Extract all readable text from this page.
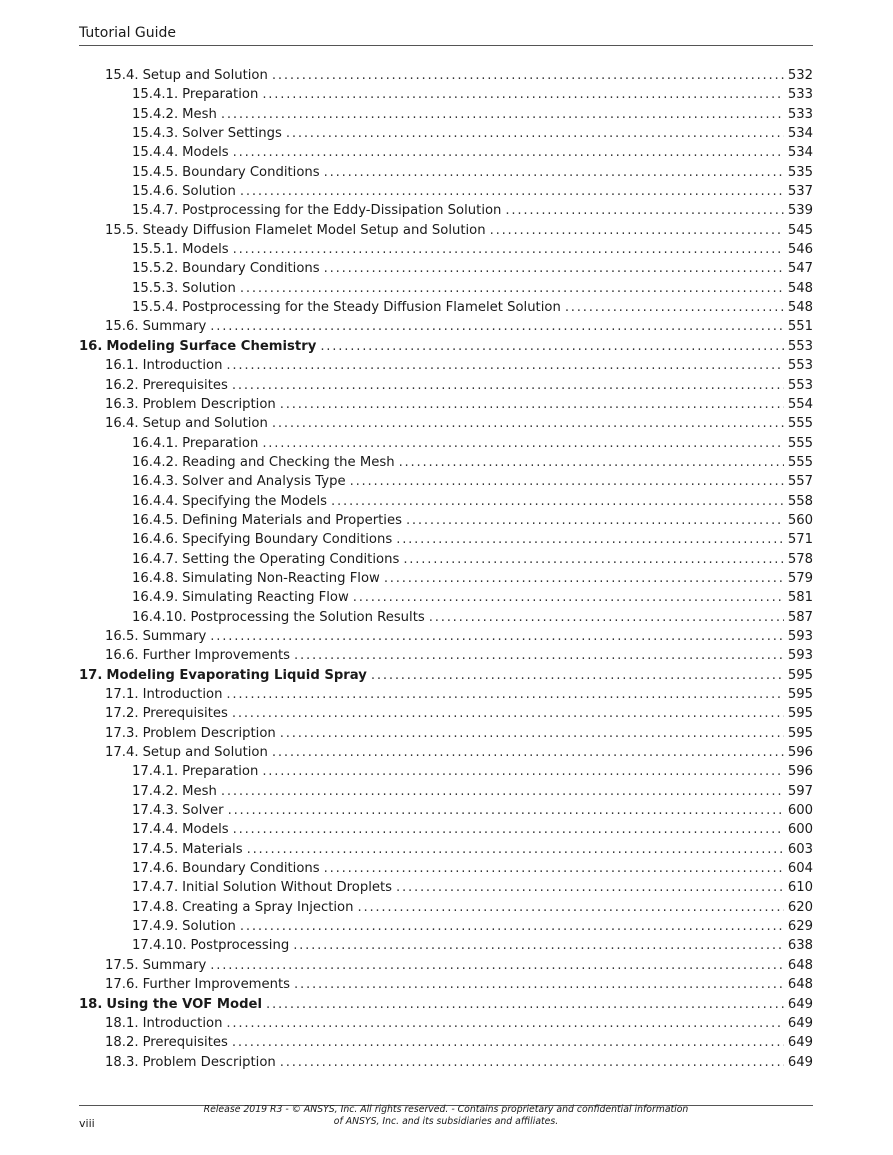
Tutorial Guide
15.4. Setup and Solution . . .	532
15.4.1. Preparation . . .	533
15.4.2. Mesh . . .	533
15.4.3. Solver Settings . . .	534
15.4.4. Models . . .	534
15.4.5. Boundary Conditions . . .	535
15.4.6. Solution . . .	537
15.4.7. Postprocessing for the Eddy-Dissipation Solution . . .	539
15.5. Steady Diffusion Flamelet Model Setup and Solution . . .	545
15.5.1. Models . . .	546
15.5.2. Boundary Conditions . . .	547
15.5.3. Solution . . .	548
15.5.4. Postprocessing for the Steady Diffusion Flamelet Solution . . .	548
15.6. Summary . . .	551
16. Modeling Surface Chemistry . . .	553
16.1. Introduction . . .	553
16.2. Prerequisites . . .	553
16.3. Problem Description . . .	554
16.4. Setup and Solution . . .	555
16.4.1. Preparation . . .	555
16.4.2. Reading and Checking the Mesh . . .	555
16.4.3. Solver and Analysis Type . . .	557
16.4.4. Specifying the Models . . .	558
16.4.5. Defining Materials and Properties . . .	560
16.4.6. Specifying Boundary Conditions . . .	571
16.4.7. Setting the Operating Conditions . . .	578
16.4.8. Simulating Non-Reacting Flow . . .	579
16.4.9. Simulating Reacting Flow . . .	581
16.4.10. Postprocessing the Solution Results . . .	587
16.5. Summary . . .	593
16.6. Further Improvements . . .	593
17. Modeling Evaporating Liquid Spray . . .	595
17.1. Introduction . . .	595
17.2. Prerequisites . . .	595
17.3. Problem Description . . .	595
17.4. Setup and Solution . . .	596
17.4.1. Preparation . . .	596
17.4.2. Mesh . . .	597
17.4.3. Solver . . .	600
17.4.4. Models . . .	600
17.4.5. Materials . . .	603
17.4.6. Boundary Conditions . . .	604
17.4.7. Initial Solution Without Droplets . . .	610
17.4.8. Creating a Spray Injection . . .	620
17.4.9. Solution . . .	629
17.4.10. Postprocessing . . .	638
17.5. Summary . . .	648
17.6. Further Improvements . . .	648
18. Using the VOF Model . . .	649
18.1. Introduction . . .	649
18.2. Prerequisites . . .	649
18.3. Problem Description . . .	649
viii
Release 2019 R3 - © ANSYS, Inc. All rights reserved. - Contains proprietary and confidential information
of ANSYS, Inc. and its subsidiaries and affiliates.
